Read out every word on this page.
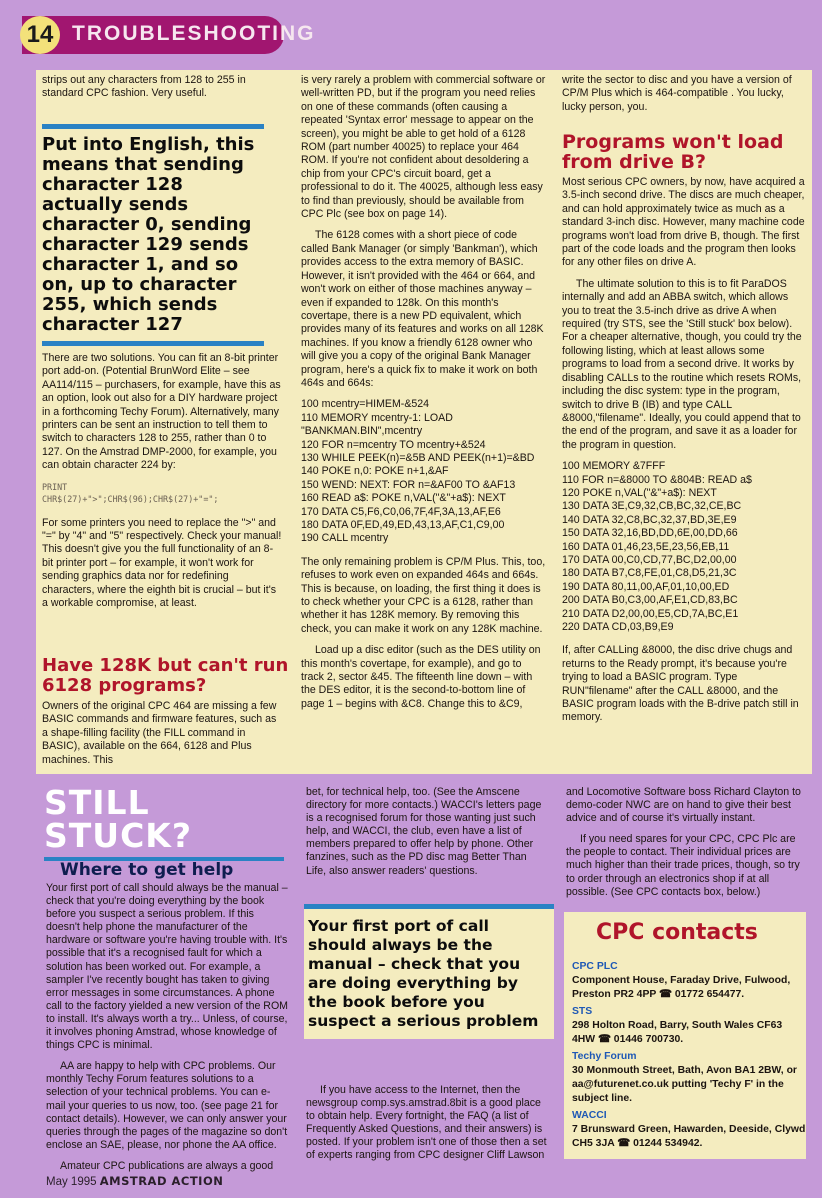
14 TROUBLESHOOTING

strips out any characters from 128 to 255 in standard CPC fashion. Very useful.

Put into English, this means that sending character 128 actually sends character 0, sending character 129 sends character 1, and so on, up to character 255, which sends character 127

There are two solutions. You can fit an 8-bit printer port add-on. (Potential BrunWord Elite – see AA114/115 – purchasers, for example, have this as an option, look out also for a DIY hardware project in a forthcoming Techy Forum). Alternatively, many printers can be sent an instruction to tell them to switch to characters 128 to 255, rather than 0 to 127. On the Amstrad DMP-2000, for example, you can obtain character 224 by:

PRINT
CHR$(27)+">";CHR$(96);CHR$(27)+"=";

For some printers you need to replace the ">" and "=" by "4" and "5" respectively. Check your manual! This doesn't give you the full functionality of an 8-bit printer port – for example, it won't work for sending graphics data nor for redefining characters, where the eighth bit is crucial – but it's a workable compromise, at least.

Have 128K but can't run 6128 programs?

Owners of the original CPC 464 are missing a few BASIC commands and firmware features, such as a shape-filling facility (the FILL command in BASIC), available on the 664, 6128 and Plus machines. This

is very rarely a problem with commercial software or well-written PD, but if the program you need relies on one of these commands (often causing a repeated 'Syntax error' message to appear on the screen), you might be able to get hold of a 6128 ROM (part number 40025) to replace your 464 ROM. If you're not confident about desoldering a chip from your CPC's circuit board, get a professional to do it. The 40025, although less easy to find than previously, should be available from CPC Plc (see box on page 14).

The 6128 comes with a short piece of code called Bank Manager (or simply 'Bankman'), which provides access to the extra memory of BASIC. However, it isn't provided with the 464 or 664, and won't work on either of those machines anyway – even if expanded to 128k. On this month's covertape, there is a new PD equivalent, which provides many of its features and works on all 128K machines. If you know a friendly 6128 owner who will give you a copy of the original Bank Manager program, here's a quick fix to make it work on both 464s and 664s:

100 mcentry=HIMEM-&524
110 MEMORY mcentry-1: LOAD
"BANKMAN.BIN",mcentry
120 FOR n=mcentry TO mcentry+&524
130 WHILE PEEK(n)=&5B AND PEEK(n+1)=&BD
140 POKE n,0: POKE n+1,&AF
150 WEND: NEXT: FOR n=&AF00 TO &AF13
160 READ a$: POKE n,VAL("&"+a$): NEXT
170 DATA C5,F6,C0,06,7F,4F,3A,13,AF,E6
180 DATA 0F,ED,49,ED,43,13,AF,C1,C9,00
190 CALL mcentry

The only remaining problem is CP/M Plus. This, too, refuses to work even on expanded 464s and 664s. This is because, on loading, the first thing it does is to check whether your CPC is a 6128, rather than whether it has 128K memory. By removing this check, you can make it work on any 128K machine.

Load up a disc editor (such as the DES utility on this month's covertape, for example), and go to track 2, sector &45. The fifteenth line down – with the DES editor, it is the second-to-bottom line of page 1 – begins with &C8. Change this to &C9,

write the sector to disc and you have a version of CP/M Plus which is 464-compatible . You lucky, lucky person, you.

Programs won't load from drive B?

Most serious CPC owners, by now, have acquired a 3.5-inch second drive. The discs are much cheaper, and can hold approximately twice as much as a standard 3-inch disc. However, many machine code programs won't load from drive B, though. The first part of the code loads and the program then looks for any other files on drive A.

The ultimate solution to this is to fit ParaDOS internally and add an ABBA switch, which allows you to treat the 3.5-inch drive as drive A when required (try STS, see the 'Still stuck' box below). For a cheaper alternative, though, you could try the following listing, which at least allows some programs to load from a second drive. It works by disabling CALLs to the routine which resets ROMs, including the disc system: type in the program, switch to drive B (IB) and type CALL &8000,"filename". Ideally, you could append that to the end of the program, and save it as a loader for the program in question.

100 MEMORY &7FFF
110 FOR n=&8000 TO &804B: READ a$
120 POKE n,VAL("&"+a$): NEXT
130 DATA 3E,C9,32,CB,BC,32,CE,BC
140 DATA 32,C8,BC,32,37,BD,3E,E9
150 DATA 32,16,BD,DD,6E,00,DD,66
160 DATA 01,46,23,5E,23,56,EB,11
170 DATA 00,C0,CD,77,BC,D2,00,00
180 DATA B7,C8,FE,01,C8,D5,21,3C
190 DATA 80,11,00,AF,01,10,00,ED
200 DATA B0,C3,00,AF,E1,CD,83,BC
210 DATA D2,00,00,E5,CD,7A,BC,E1
220 DATA CD,03,B9,E9

If, after CALLing &8000, the disc drive chugs and returns to the Ready prompt, it's because you're trying to load a BASIC program. Type RUN"filename" after the CALL &8000, and the BASIC program loads with the B-drive patch still in memory.

STILL
STUCK?
Where to get help

Your first port of call should always be the manual – check that you're doing everything by the book before you suspect a serious problem. If this doesn't help phone the manufacturer of the hardware or software you're having trouble with. It's possible that it's a recognised fault for which a solution has been worked out. For example, a sampler I've recently bought has taken to giving error messages in some circumstances. A phone call to the factory yielded a new version of the ROM to install. It's always worth a try... Unless, of course, it involves phoning Amstrad, whose knowledge of things CPC is minimal.

AA are happy to help with CPC problems. Our monthly Techy Forum features solutions to a selection of your technical problems. You can e-mail your queries to us now, too. (see page 21 for contact details). However, we can only answer your queries through the pages of the magazine so don't enclose an SAE, please, nor phone the AA office.

Amateur CPC publications are always a good

bet, for technical help, too. (See the Amscene directory for more contacts.) WACCI's letters page is a recognised forum for those wanting just such help, and WACCI, the club, even have a list of members prepared to offer help by phone. Other fanzines, such as the PD disc mag Better Than Life, also answer readers' questions.

Your first port of call should always be the manual – check that you are doing everything by the book before you suspect a serious problem

If you have access to the Internet, then the newsgroup comp.sys.amstrad.8bit is a good place to obtain help. Every fortnight, the FAQ (a list of Frequently Asked Questions, and their answers) is posted. If your problem isn't one of those then a set of experts ranging from CPC designer Cliff Lawson

and Locomotive Software boss Richard Clayton to demo-coder NWC are on hand to give their best advice and of course it's virtually instant.

If you need spares for your CPC, CPC Plc are the people to contact. Their individual prices are much higher than their trade prices, though, so try to order through an electronics shop if at all possible. (See CPC contacts box, below.)

CPC contacts
CPC PLC
Component House, Faraday Drive, Fulwood, Preston PR2 4PP ☎ 01772 654477.
STS
298 Holton Road, Barry, South Wales CF63 4HW ☎ 01446 700730.
Techy Forum
30 Monmouth Street, Bath, Avon BA1 2BW, or aa@futurenet.co.uk putting 'Techy F' in the subject line.
WACCI
7 Brunsward Green, Hawarden, Deeside, Clywd CH5 3JA ☎ 01244 534942.
May 1995 AMSTRAD ACTION
